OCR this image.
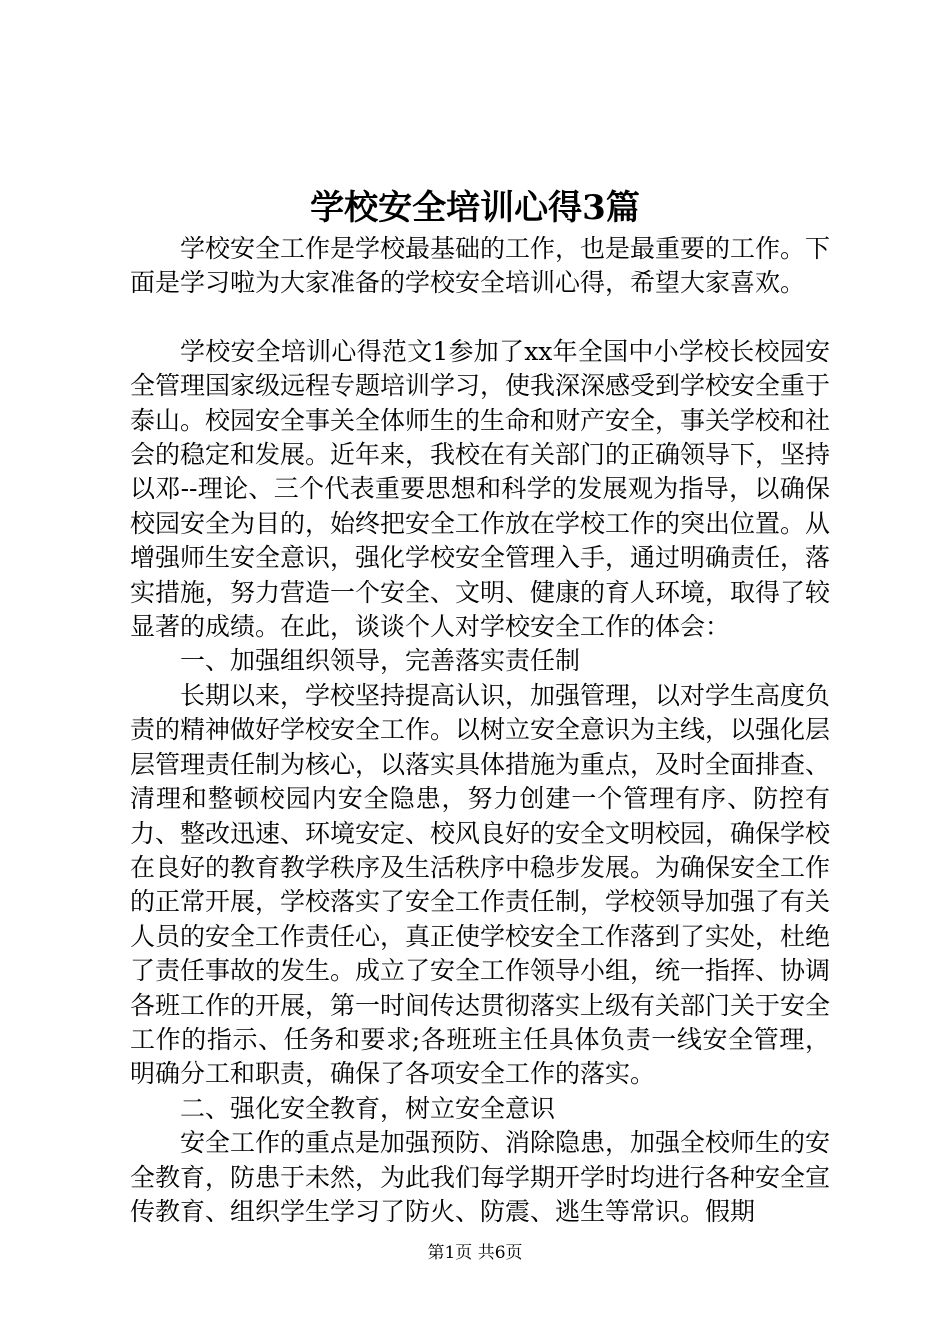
学校安全培训心得3篇

学校安全工作是学校最基础的工作，也是最重要的工作。下面是学习啦为大家准备的学校安全培训心得，希望大家喜欢。

学校安全培训心得范文1参加了xx年全国中小学校长校园安全管理国家级远程专题培训学习，使我深深感受到学校安全重于泰山。校园安全事关全体师生的生命和财产安全，事关学校和社会的稳定和发展。近年来，我校在有关部门的正确领导下，坚持以邓--理论、三个代表重要思想和科学的发展观为指导，以确保校园安全为目的，始终把安全工作放在学校工作的突出位置。从增强师生安全意识，强化学校安全管理入手，通过明确责任，落实措施，努力营造一个安全、文明、健康的育人环境，取得了较显著的成绩。在此，谈谈个人对学校安全工作的体会：

一、加强组织领导，完善落实责任制

长期以来，学校坚持提高认识，加强管理，以对学生高度负责的精神做好学校安全工作。以树立安全意识为主线，以强化层层管理责任制为核心，以落实具体措施为重点，及时全面排查、清理和整顿校园内安全隐患，努力创建一个管理有序、防控有力、整改迅速、环境安定、校风良好的安全文明校园，确保学校在良好的教育教学秩序及生活秩序中稳步发展。为确保安全工作的正常开展，学校落实了安全工作责任制，学校领导加强了有关人员的安全工作责任心，真正使学校安全工作落到了实处，杜绝了责任事故的发生。成立了安全工作领导小组，统一指挥、协调各班工作的开展，第一时间传达贯彻落实上级有关部门关于安全工作的指示、任务和要求;各班班主任具体负责一线安全管理，明确分工和职责，确保了各项安全工作的落实。

二、强化安全教育，树立安全意识

安全工作的重点是加强预防、消除隐患，加强全校师生的安全教育，防患于未然，为此我们每学期开学时均进行各种安全宣传教育、组织学生学习了防火、防震、逃生等常识。假期

第1页 共6页
